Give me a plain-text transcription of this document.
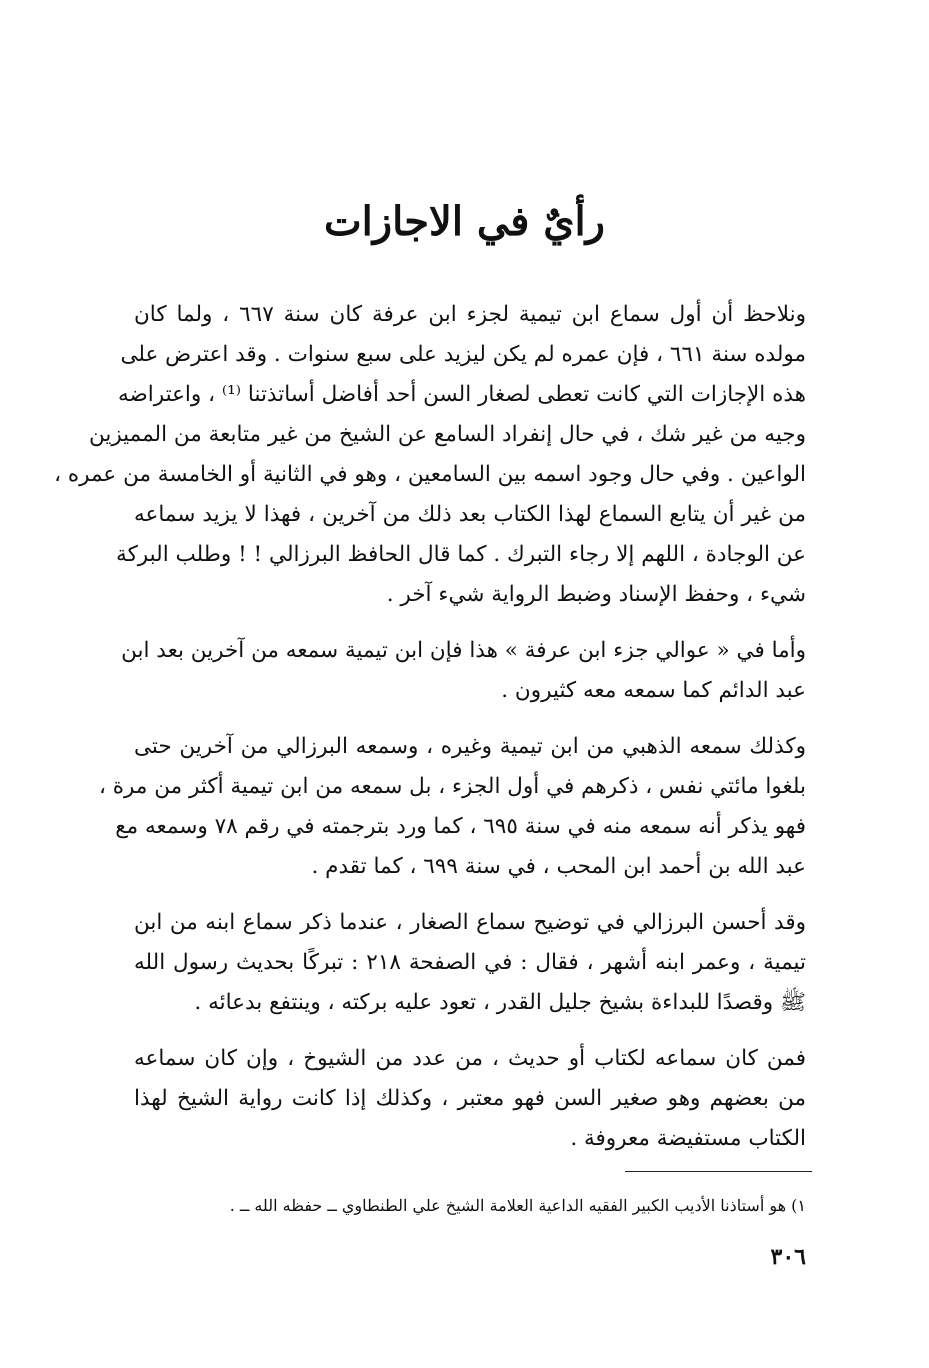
رأيٌ في الاجازات
ونلاحظ أن أول سماع ابن تيمية لجزء ابن عرفة كان سنة ٦٦٧ ، ولما كان
مولده سنة ٦٦١ ، فإن عمره لم يكن ليزيد على سبع سنوات . وقد اعترض على
هذه الإجازات التي كانت تعطى لصغار السن أحد أفاضل أساتذتنا ⁽¹⁾ ، واعتراضه
وجيه من غير شك ، في حال إنفراد السامع عن الشيخ من غير متابعة من المميزين
الواعين . وفي حال وجود اسمه بين السامعين ، وهو في الثانية أو الخامسة من عمره ،
من غير أن يتابع السماع لهذا الكتاب بعد ذلك من آخرين ، فهذا لا يزيد سماعه
عن الوجادة ، اللهم إلا رجاء التبرك . كما قال الحافظ البرزالي ! ! وطلب البركة
شيء ، وحفظ الإسناد وضبط الرواية شيء آخر .
وأما في « عوالي جزء ابن عرفة » هذا فإن ابن تيمية سمعه من آخرين بعد ابن
عبد الدائم كما سمعه معه كثيرون .
وكذلك سمعه الذهبي من ابن تيمية وغيره ، وسمعه البرزالي من آخرين حتى
بلغوا مائتي نفس ، ذكرهم في أول الجزء ، بل سمعه من ابن تيمية أكثر من مرة ،
فهو يذكر أنه سمعه منه في سنة ٦٩٥ ، كما ورد بترجمته في رقم ٧٨ وسمعه مع
عبد الله بن أحمد ابن المحب ، في سنة ٦٩٩ ، كما تقدم .
وقد أحسن البرزالي في توضيح سماع الصغار ، عندما ذكر سماع ابنه من ابن
تيمية ، وعمر ابنه أشهر ، فقال : في الصفحة ٢١٨ : تبركًا بحديث رسول الله
ﷺ وقصدًا للبداءة بشيخ جليل القدر ، تعود عليه بركته ، وينتفع بدعائه .
فمن كان سماعه لكتاب أو حديث ، من عدد من الشيوخ ، وإن كان سماعه
من بعضهم وهو صغير السن فهو معتبر ، وكذلك إذا كانت رواية الشيخ لهذا
الكتاب مستفيضة معروفة .
١) هو أستاذنا الأديب الكبير الفقيه الداعية العلامة الشيخ علي الطنطاوي ــ حفظه الله ــ .
٣٠٦
